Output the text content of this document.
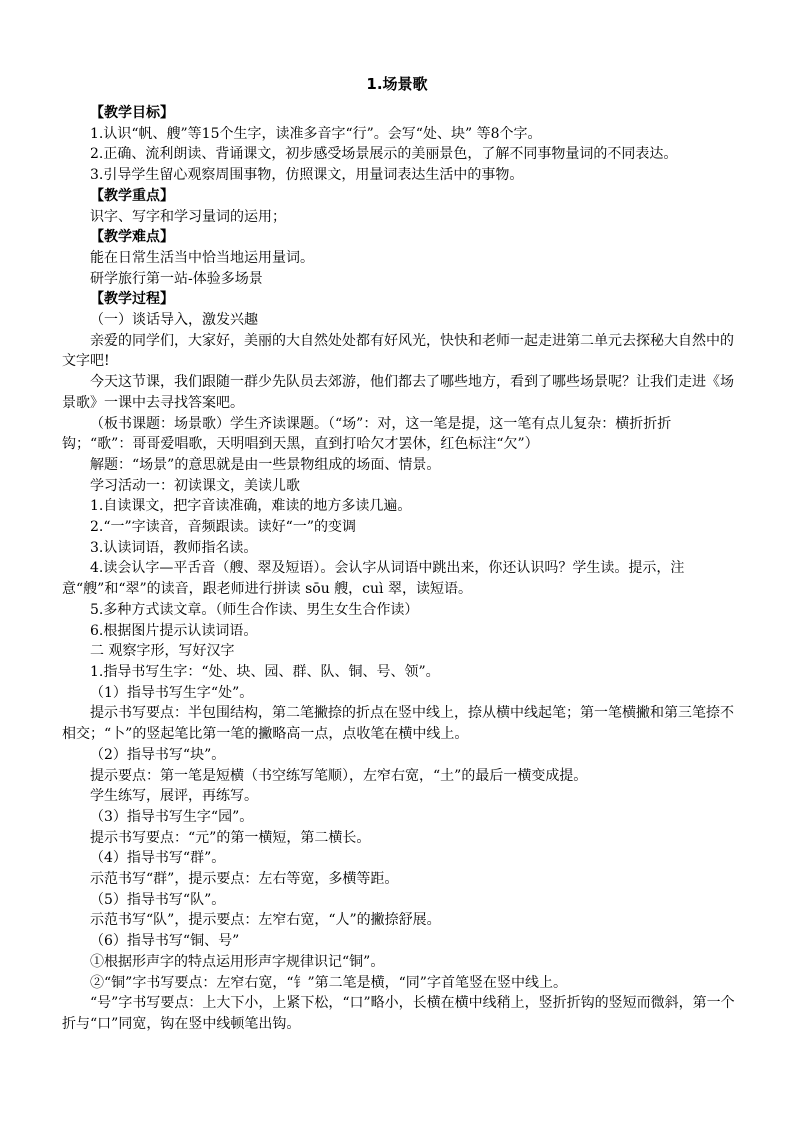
1.场景歌

【教学目标】

1.认识“帆、艘”等15个生字，读准多音字“行”。会写“处、块” 等8个字。

2.正确、流利朗读、背诵课文，初步感受场景展示的美丽景色，了解不同事物量词的不同表达。

3.引导学生留心观察周围事物，仿照课文，用量词表达生活中的事物。

【教学重点】

识字、写字和学习量词的运用；

【教学难点】

能在日常生活当中恰当地运用量词。

研学旅行第一站-体验多场景

【教学过程】

（一）谈话导入，激发兴趣

亲爱的同学们，大家好，美丽的大自然处处都有好风光，快快和老师一起走进第二单元去探秘大自然中的文字吧!

今天这节课，我们跟随一群少先队员去郊游，他们都去了哪些地方，看到了哪些场景呢？让我们走进《场景歌》一课中去寻找答案吧。

（板书课题：场景歌）学生齐读课题。（“场”：对，这一笔是提，这一笔有点儿复杂：横折折折钩；“歌”：哥哥爱唱歌，天明唱到天黑，直到打哈欠才罢休，红色标注“欠”）

解题：“场景”的意思就是由一些景物组成的场面、情景。

学习活动一：初读课文，美读儿歌

1.自读课文，把字音读准确，难读的地方多读几遍。

2.“一”字读音，音频跟读。读好“一”的变调

3.认读词语，教师指名读。

4.读会认字—平舌音（艘、翠及短语）。会认字从词语中跳出来，你还认识吗？学生读。提示，注意“艘”和“翠”的读音，跟老师进行拼读 sōu 艘，cuì 翠，读短语。

5.多种方式读文章。（师生合作读、男生女生合作读）

6.根据图片提示认读词语。

二 观察字形，写好汉字

1.指导书写生字：“处、块、园、群、队、铜、号、领”。

（1）指导书写生字“处”。

提示书写要点：半包围结构，第二笔撇捺的折点在竖中线上，捺从横中线起笔；第一笔横撇和第三笔捺不相交；“卜”的竖起笔比第一笔的撇略高一点，点收笔在横中线上。

（2）指导书写“块”。

提示要点：第一笔是短横（书空练写笔顺），左窄右宽，“土”的最后一横变成提。

学生练写，展评，再练写。

（3）指导书写生字“园”。

提示书写要点：“元”的第一横短，第二横长。

（4）指导书写“群”。

示范书写“群”，提示要点：左右等宽，多横等距。

（5）指导书写“队”。

示范书写“队”，提示要点：左窄右宽，“人”的撇捺舒展。

（6）指导书写“铜、号”

①根据形声字的特点运用形声字规律识记“铜”。

②“铜”字书写要点：左窄右宽，“钅”第二笔是横，“同”字首笔竖在竖中线上。

“号”字书写要点：上大下小，上紧下松，“口”略小，长横在横中线稍上，竖折折钩的竖短而微斜，第一个折与“口”同宽，钩在竖中线顿笔出钩。
